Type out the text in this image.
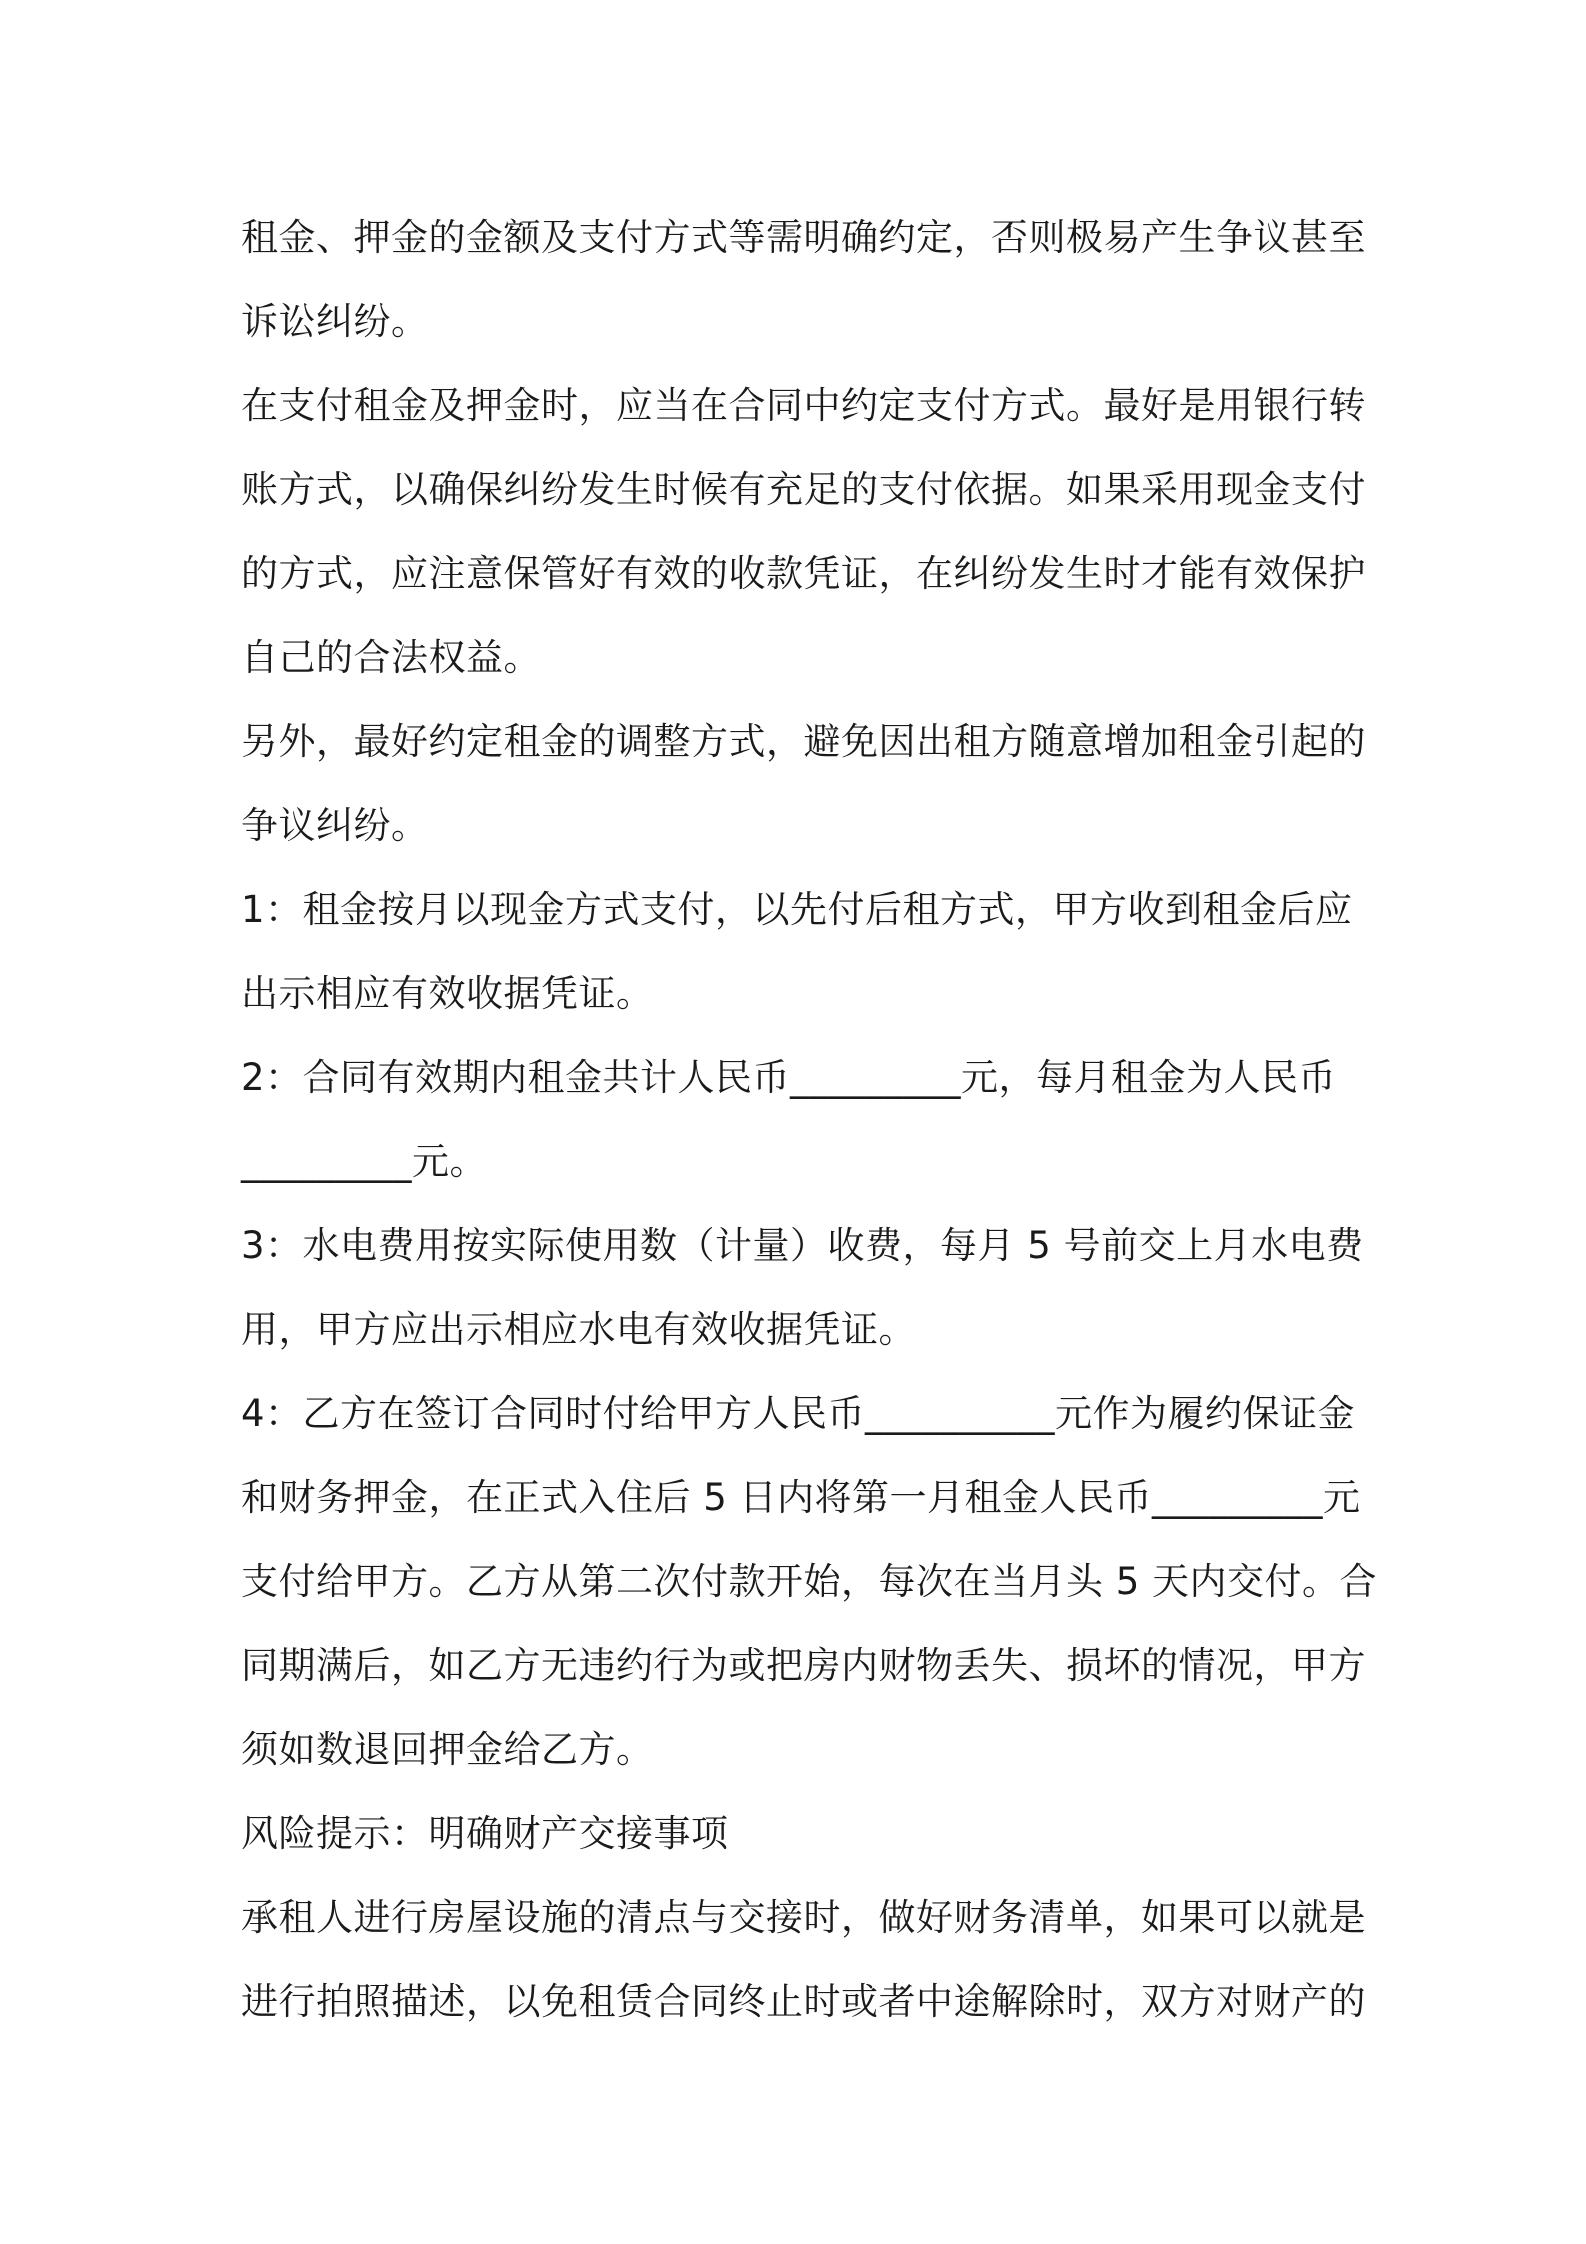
租金、押金的金额及支付方式等需明确约定，否则极易产生争议甚至
诉讼纠纷。
在支付租金及押金时，应当在合同中约定支付方式。最好是用银行转
账方式，以确保纠纷发生时候有充足的支付依据。如果采用现金支付
的方式，应注意保管好有效的收款凭证，在纠纷发生时才能有效保护
自己的合法权益。
另外，最好约定租金的调整方式，避免因出租方随意增加租金引起的
争议纠纷。
1：租金按月以现金方式支付，以先付后租方式，甲方收到租金后应
出示相应有效收据凭证。
2：合同有效期内租金共计人民币_________元，每月租金为人民币
_________元。
3：水电费用按实际使用数（计量）收费，每月 5 号前交上月水电费
用，甲方应出示相应水电有效收据凭证。
4：乙方在签订合同时付给甲方人民币__________元作为履约保证金
和财务押金，在正式入住后 5 日内将第一月租金人民币_________元
支付给甲方。乙方从第二次付款开始，每次在当月头 5 天内交付。合
同期满后，如乙方无违约行为或把房内财物丢失、损坏的情况，甲方
须如数退回押金给乙方。
风险提示：明确财产交接事项
承租人进行房屋设施的清点与交接时，做好财务清单，如果可以就是
进行拍照描述，以免租赁合同终止时或者中途解除时，双方对财产的
